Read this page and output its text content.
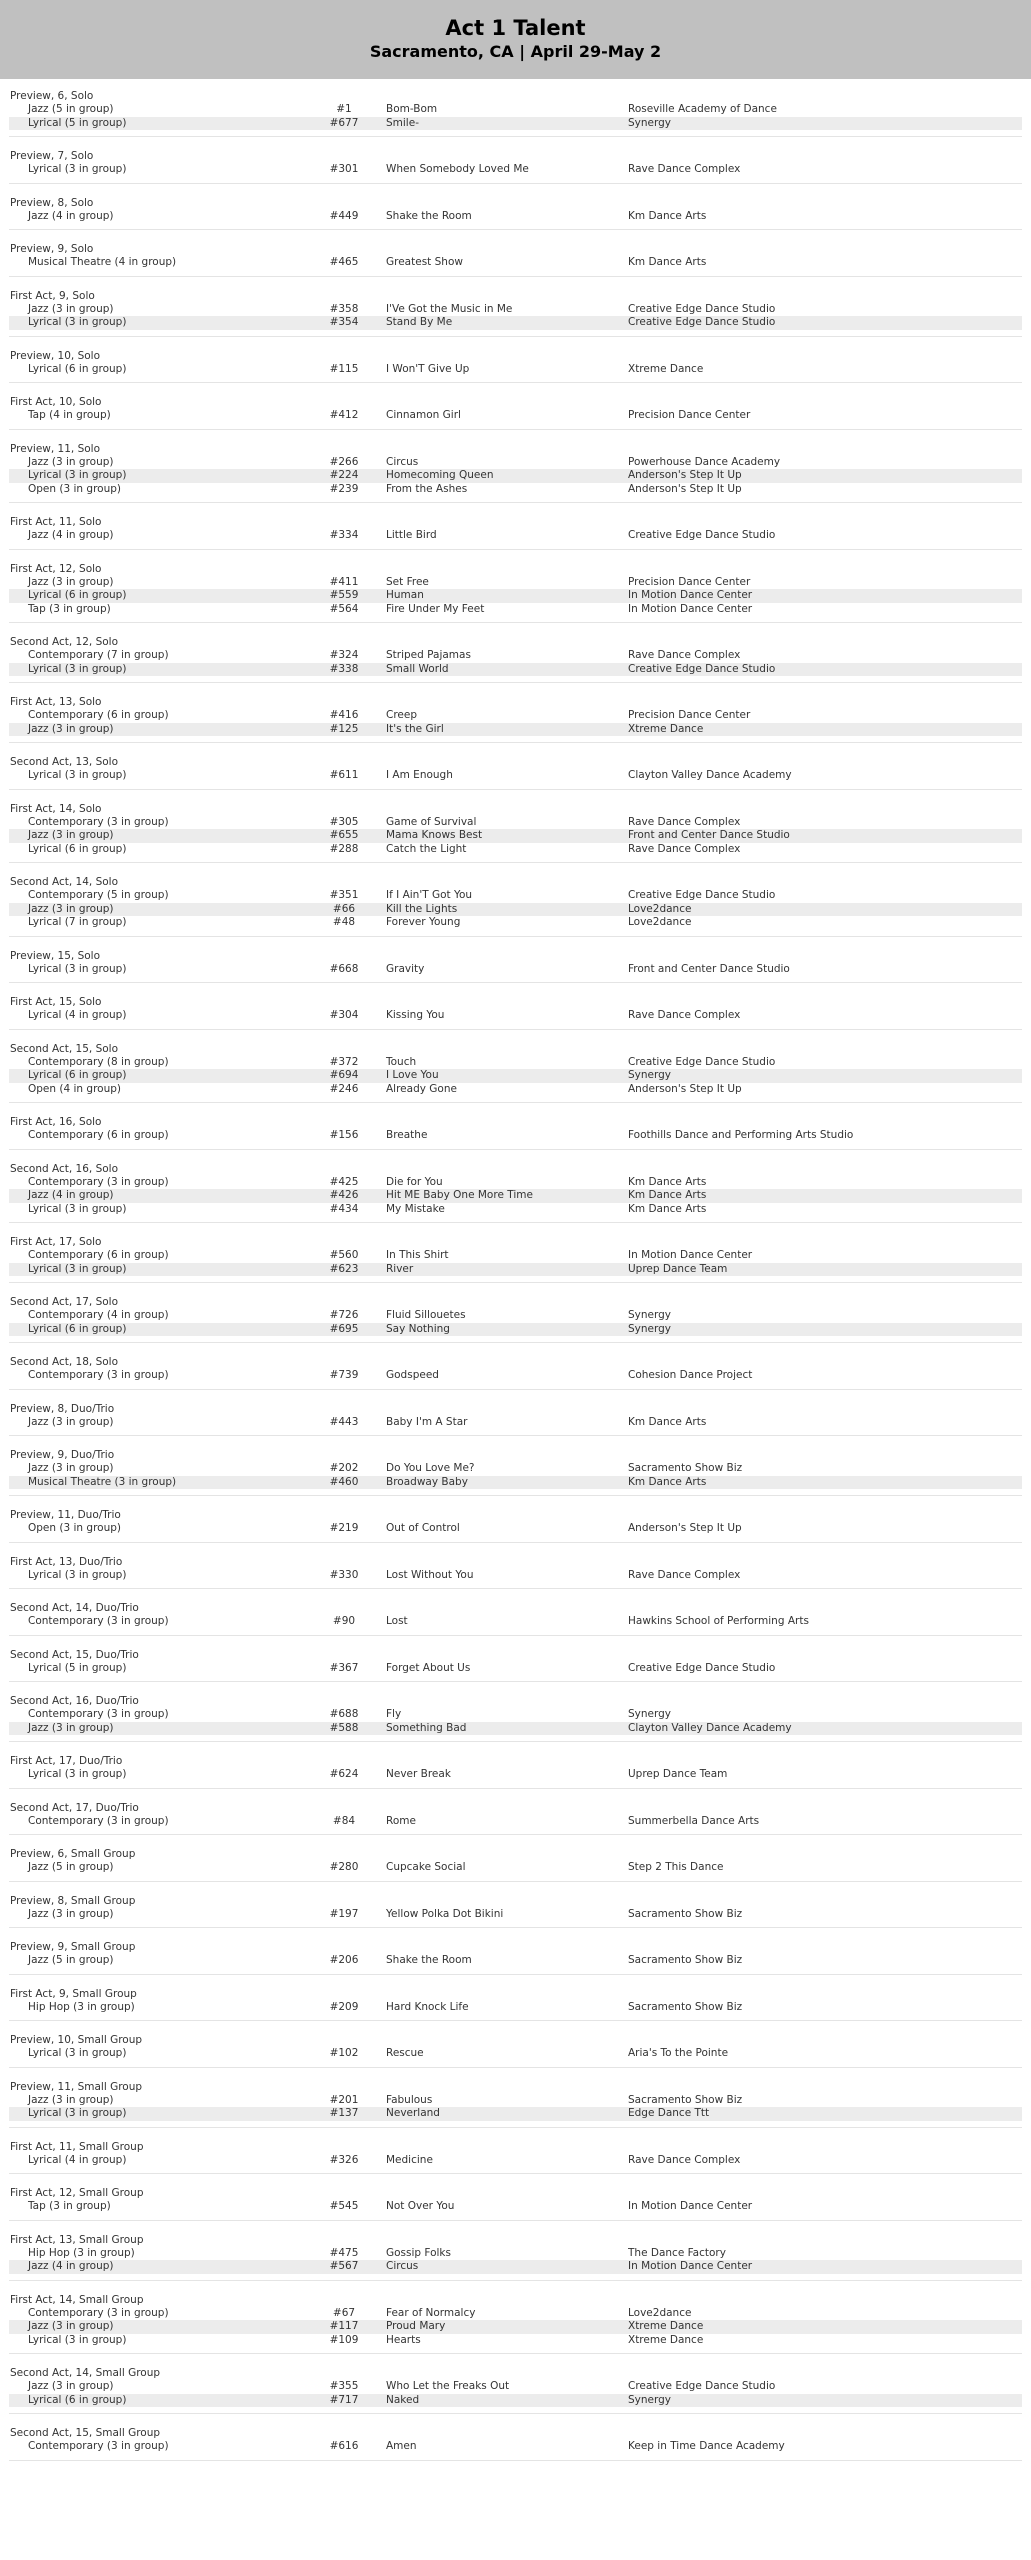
Act 1 Talent
Sacramento, CA | April 29-May 2
Preview, 6, Solo
Jazz (5 in group)	#1	Bom-Bom	Roseville Academy of Dance
Lyrical (5 in group)	#677	Smile-	Synergy
Preview, 7, Solo
Lyrical (3 in group)	#301	When Somebody Loved Me	Rave Dance Complex
Preview, 8, Solo
Jazz (4 in group)	#449	Shake the Room	Km Dance Arts
Preview, 9, Solo
Musical Theatre (4 in group)	#465	Greatest Show	Km Dance Arts
First Act, 9, Solo
Jazz (3 in group)	#358	I'Ve Got the Music in Me	Creative Edge Dance Studio
Lyrical (3 in group)	#354	Stand By Me	Creative Edge Dance Studio
Preview, 10, Solo
Lyrical (6 in group)	#115	I Won'T Give Up	Xtreme Dance
First Act, 10, Solo
Tap (4 in group)	#412	Cinnamon Girl	Precision Dance Center
Preview, 11, Solo
Jazz (3 in group)	#266	Circus	Powerhouse Dance Academy
Lyrical (3 in group)	#224	Homecoming Queen	Anderson's Step It Up
Open (3 in group)	#239	From the Ashes	Anderson's Step It Up
First Act, 11, Solo
Jazz (4 in group)	#334	Little Bird	Creative Edge Dance Studio
First Act, 12, Solo
Jazz (3 in group)	#411	Set Free	Precision Dance Center
Lyrical (6 in group)	#559	Human	In Motion Dance Center
Tap (3 in group)	#564	Fire Under My Feet	In Motion Dance Center
Second Act, 12, Solo
Contemporary (7 in group)	#324	Striped Pajamas	Rave Dance Complex
Lyrical (3 in group)	#338	Small World	Creative Edge Dance Studio
First Act, 13, Solo
Contemporary (6 in group)	#416	Creep	Precision Dance Center
Jazz (3 in group)	#125	It's the Girl	Xtreme Dance
Second Act, 13, Solo
Lyrical (3 in group)	#611	I Am Enough	Clayton Valley Dance Academy
First Act, 14, Solo
Contemporary (3 in group)	#305	Game of Survival	Rave Dance Complex
Jazz (3 in group)	#655	Mama Knows Best	Front and Center Dance Studio
Lyrical (6 in group)	#288	Catch the Light	Rave Dance Complex
Second Act, 14, Solo
Contemporary (5 in group)	#351	If I Ain'T Got You	Creative Edge Dance Studio
Jazz (3 in group)	#66	Kill the Lights	Love2dance
Lyrical (7 in group)	#48	Forever Young	Love2dance
Preview, 15, Solo
Lyrical (3 in group)	#668	Gravity	Front and Center Dance Studio
First Act, 15, Solo
Lyrical (4 in group)	#304	Kissing You	Rave Dance Complex
Second Act, 15, Solo
Contemporary (8 in group)	#372	Touch	Creative Edge Dance Studio
Lyrical (6 in group)	#694	I Love You	Synergy
Open (4 in group)	#246	Already Gone	Anderson's Step It Up
First Act, 16, Solo
Contemporary (6 in group)	#156	Breathe	Foothills Dance and Performing Arts Studio
Second Act, 16, Solo
Contemporary (3 in group)	#425	Die for You	Km Dance Arts
Jazz (4 in group)	#426	Hit ME Baby One More Time	Km Dance Arts
Lyrical (3 in group)	#434	My Mistake	Km Dance Arts
First Act, 17, Solo
Contemporary (6 in group)	#560	In This Shirt	In Motion Dance Center
Lyrical (3 in group)	#623	River	Uprep Dance Team
Second Act, 17, Solo
Contemporary (4 in group)	#726	Fluid Sillouetes	Synergy
Lyrical (6 in group)	#695	Say Nothing	Synergy
Second Act, 18, Solo
Contemporary (3 in group)	#739	Godspeed	Cohesion Dance Project
Preview, 8, Duo/Trio
Jazz (3 in group)	#443	Baby I'm A Star	Km Dance Arts
Preview, 9, Duo/Trio
Jazz (3 in group)	#202	Do You Love Me?	Sacramento Show Biz
Musical Theatre (3 in group)	#460	Broadway Baby	Km Dance Arts
Preview, 11, Duo/Trio
Open (3 in group)	#219	Out of Control	Anderson's Step It Up
First Act, 13, Duo/Trio
Lyrical (3 in group)	#330	Lost Without You	Rave Dance Complex
Second Act, 14, Duo/Trio
Contemporary (3 in group)	#90	Lost	Hawkins School of Performing Arts
Second Act, 15, Duo/Trio
Lyrical (5 in group)	#367	Forget About Us	Creative Edge Dance Studio
Second Act, 16, Duo/Trio
Contemporary (3 in group)	#688	Fly	Synergy
Jazz (3 in group)	#588	Something Bad	Clayton Valley Dance Academy
First Act, 17, Duo/Trio
Lyrical (3 in group)	#624	Never Break	Uprep Dance Team
Second Act, 17, Duo/Trio
Contemporary (3 in group)	#84	Rome	Summerbella Dance Arts
Preview, 6, Small Group
Jazz (5 in group)	#280	Cupcake Social	Step 2 This Dance
Preview, 8, Small Group
Jazz (3 in group)	#197	Yellow Polka Dot Bikini	Sacramento Show Biz
Preview, 9, Small Group
Jazz (5 in group)	#206	Shake the Room	Sacramento Show Biz
First Act, 9, Small Group
Hip Hop (3 in group)	#209	Hard Knock Life	Sacramento Show Biz
Preview, 10, Small Group
Lyrical (3 in group)	#102	Rescue	Aria's To the Pointe
Preview, 11, Small Group
Jazz (3 in group)	#201	Fabulous	Sacramento Show Biz
Lyrical (3 in group)	#137	Neverland	Edge Dance Ttt
First Act, 11, Small Group
Lyrical (4 in group)	#326	Medicine	Rave Dance Complex
First Act, 12, Small Group
Tap (3 in group)	#545	Not Over You	In Motion Dance Center
First Act, 13, Small Group
Hip Hop (3 in group)	#475	Gossip Folks	The Dance Factory
Jazz (4 in group)	#567	Circus	In Motion Dance Center
First Act, 14, Small Group
Contemporary (3 in group)	#67	Fear of Normalcy	Love2dance
Jazz (3 in group)	#117	Proud Mary	Xtreme Dance
Lyrical (3 in group)	#109	Hearts	Xtreme Dance
Second Act, 14, Small Group
Jazz (3 in group)	#355	Who Let the Freaks Out	Creative Edge Dance Studio
Lyrical (6 in group)	#717	Naked	Synergy
Second Act, 15, Small Group
Contemporary (3 in group)	#616	Amen	Keep in Time Dance Academy
